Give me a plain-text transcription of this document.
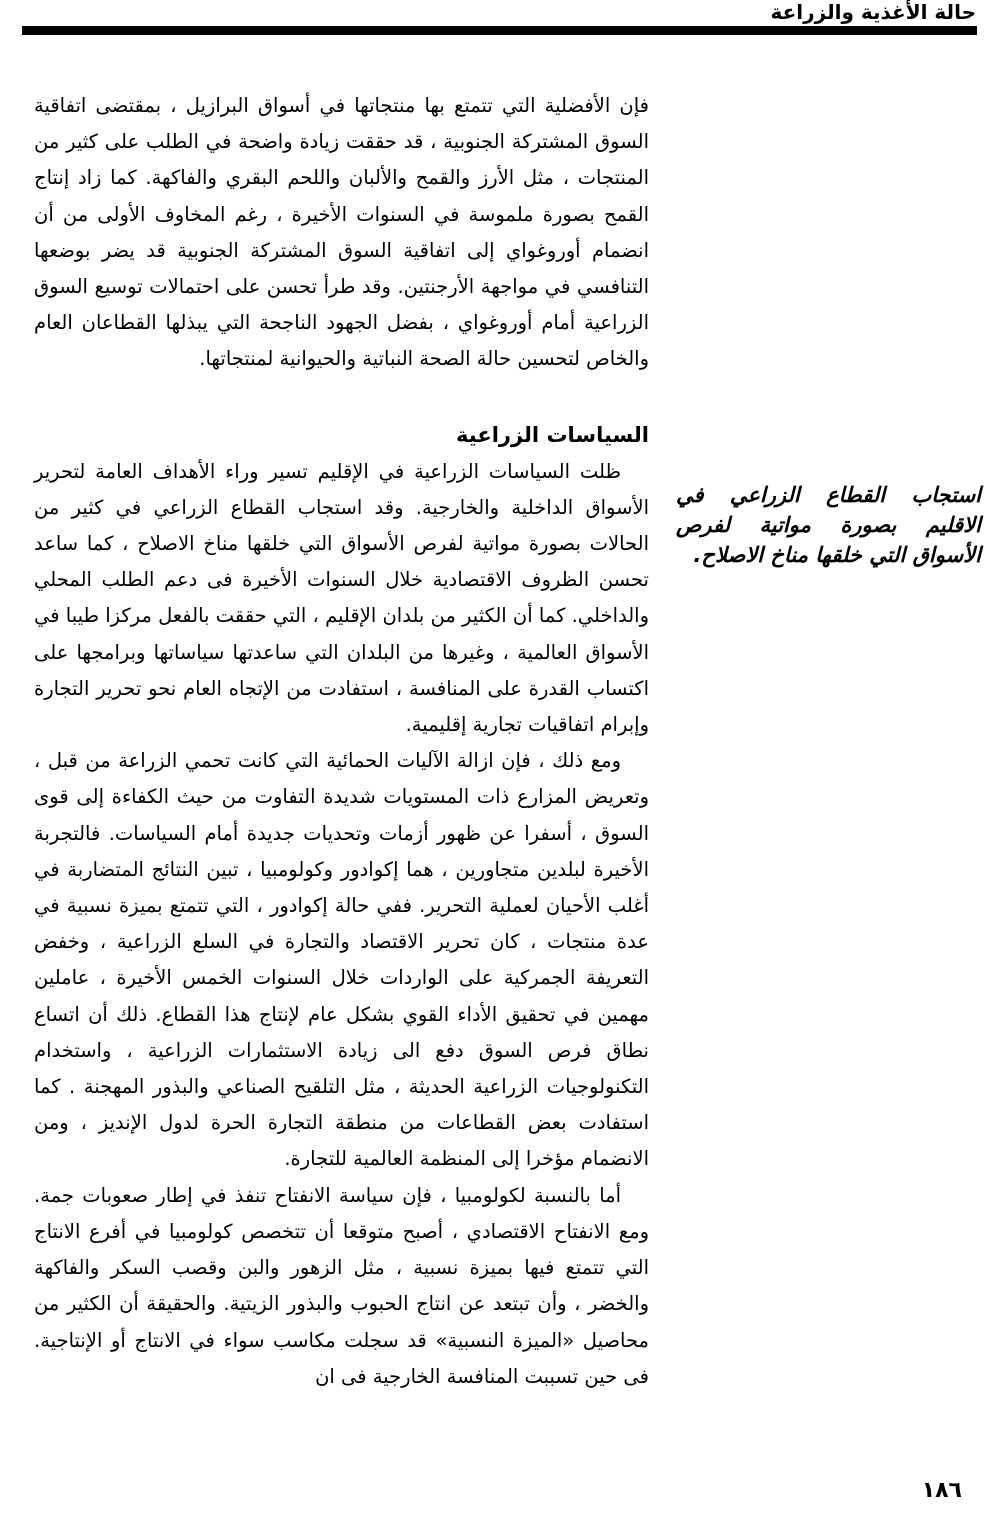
حالة الأغذية والزراعة

فإن الأفضلية التي تتمتع بها منتجاتها في أسواق البرازيل ، بمقتضى اتفاقية السوق المشتركة الجنوبية ، قد حققت زيادة واضحة في الطلب على كثير من المنتجات ، مثل الأرز والقمح والألبان واللحم البقري والفاكهة. كما زاد إنتاج القمح بصورة ملموسة في السنوات الأخيرة ، رغم المخاوف الأولى من أن انضمام أوروغواي إلى اتفاقية السوق المشتركة الجنوبية قد يضر بوضعها التنافسي في مواجهة الأرجنتين. وقد طرأ تحسن على احتمالات توسيع السوق الزراعية أمام أوروغواي ، بفضل الجهود الناجحة التي يبذلها القطاعان العام والخاص لتحسين حالة الصحة النباتية والحيوانية لمنتجاتها.

السياسات الزراعية

ظلت السياسات الزراعية في الإقليم تسير وراء الأهداف العامة لتحرير الأسواق الداخلية والخارجية. وقد استجاب القطاع الزراعي في كثير من الحالات بصورة مواتية لفرص الأسواق التي خلقها مناخ الاصلاح ، كما ساعد تحسن الظروف الاقتصادية خلال السنوات الأخيرة فى دعم الطلب المحلي والداخلي. كما أن الكثير من بلدان الإقليم ، التي حققت بالفعل مركزا طيبا في الأسواق العالمية ، وغيرها من البلدان التي ساعدتها سياساتها وبرامجها على اكتساب القدرة على المنافسة ، استفادت من الإتجاه العام نحو تحرير التجارة وإبرام اتفاقيات تجارية إقليمية.

ومع ذلك ، فإن ازالة الآليات الحمائية التي كانت تحمي الزراعة من قبل ، وتعريض المزارع ذات المستويات شديدة التفاوت من حيث الكفاءة إلى قوى السوق ، أسفرا عن ظهور أزمات وتحديات جديدة أمام السياسات. فالتجربة الأخيرة لبلدين متجاورين ، هما إكوادور وكولومبيا ، تبين النتائج المتضاربة في أغلب الأحيان لعملية التحرير. ففي حالة إكوادور ، التي تتمتع بميزة نسبية في عدة منتجات ، كان تحرير الاقتصاد والتجارة في السلع الزراعية ، وخفض التعريفة الجمركية على الواردات خلال السنوات الخمس الأخيرة ، عاملين مهمين في تحقيق الأداء القوي بشكل عام لإنتاج هذا القطاع. ذلك أن اتساع نطاق فرص السوق دفع الى زيادة الاستثمارات الزراعية ، واستخدام التكنولوجيات الزراعية الحديثة ، مثل التلقيح الصناعي والبذور المهجنة . كما استفادت بعض القطاعات من منطقة التجارة الحرة لدول الإنديز ، ومن الانضمام مؤخرا إلى المنظمة العالمية للتجارة.

أما بالنسبة لكولومبيا ، فإن سياسة الانفتاح تنفذ في إطار صعوبات جمة. ومع الانفتاح الاقتصادي ، أصبح متوقعا أن تتخصص كولومبيا في أفرع الانتاج التي تتمتع فيها بميزة نسبية ، مثل الزهور والبن وقصب السكر والفاكهة والخضر ، وأن تبتعد عن انتاج الحبوب والبذور الزيتية. والحقيقة أن الكثير من محاصيل «الميزة النسبية» قد سجلت مكاسب سواء في الانتاج أو الإنتاجية. فى حين تسببت المنافسة الخارجية فى ان

استجاب القطاع الزراعي في الاقليم بصورة مواتية لفرص الأسواق التي خلقها مناخ الاصلاح.
١٨٦
